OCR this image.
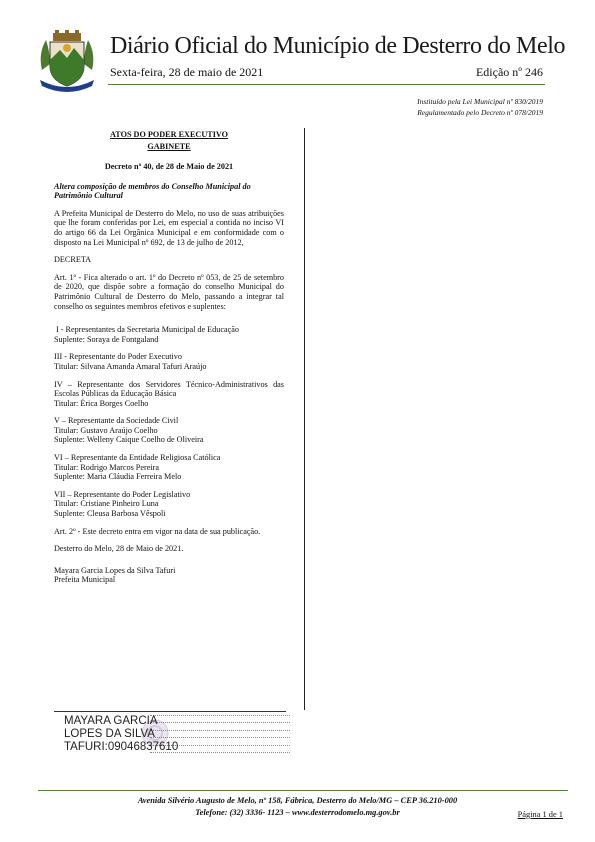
Diário Oficial do Município de Desterro do Melo
Sexta-feira, 28 de maio de 2021	Edição nº 246
Instituído pela Lei Municipal nº 830/2019
Regulamentado pelo Decreto nº 078/2019
ATOS DO PODER EXECUTIVO
GABINETE
Decreto nº 40, de 28 de Maio de 2021
Altera composição de membros do Conselho Municipal do Patrimônio Cultural
A Prefeita Municipal de Desterro do Melo, no uso de suas atribuições que lhe foram conferidas por Lei, em especial a contida no inciso VI do artigo 66 da Lei Orgânica Municipal e em conformidade com o disposto na Lei Municipal nº 692, de 13 de julho de 2012,
DECRETA
Art. 1º - Fica alterado o art. 1º do Decreto nº 053, de 25 de setembro de 2020, que dispõe sobre a formação do conselho Municipal do Patrimônio Cultural de Desterro do Melo, passando a integrar tal conselho os seguintes membros efetivos e suplentes:
I - Representantes da Secretaria Municipal de Educação
Suplente: Soraya de Fontgaland
III - Representante do Poder Executivo
Titular: Silvana Amanda Amaral Tafuri Araújo
IV – Representante dos Servidores Técnico-Administrativos das Escolas Públicas da Educação Básica
Titular: Érica Borges Coelho
V – Representante da Sociedade Civil
Titular: Gustavo Araújo Coelho
Suplente: Welleny Caique Coelho de Oliveira
VI – Representante da Entidade Religiosa Católica
Titular: Rodrigo Marcos Pereira
Suplente: Maria Cláudia Ferreira Melo
VII – Representante do Poder Legislativo
Titular: Cristiane Pinheiro Luna
Suplente: Cleusa Barbosa Vêspoli
Art. 2º - Este decreto entra em vigor na data de sua publicação.
Desterro do Melo, 28 de Maio de 2021.
Mayara Garcia Lopes da Silva Tafuri
Prefeita Municipal
MAYARA GARCIA
LOPES DA SILVA
TAFURI:09046837610
Avenida Silvério Augusto de Melo, nº 158, Fábrica, Desterro do Melo/MG – CEP 36.210-000
Telefone: (32) 3336- 1123 – www.desterrodomelo.mg.gov.br	Página 1 de 1
